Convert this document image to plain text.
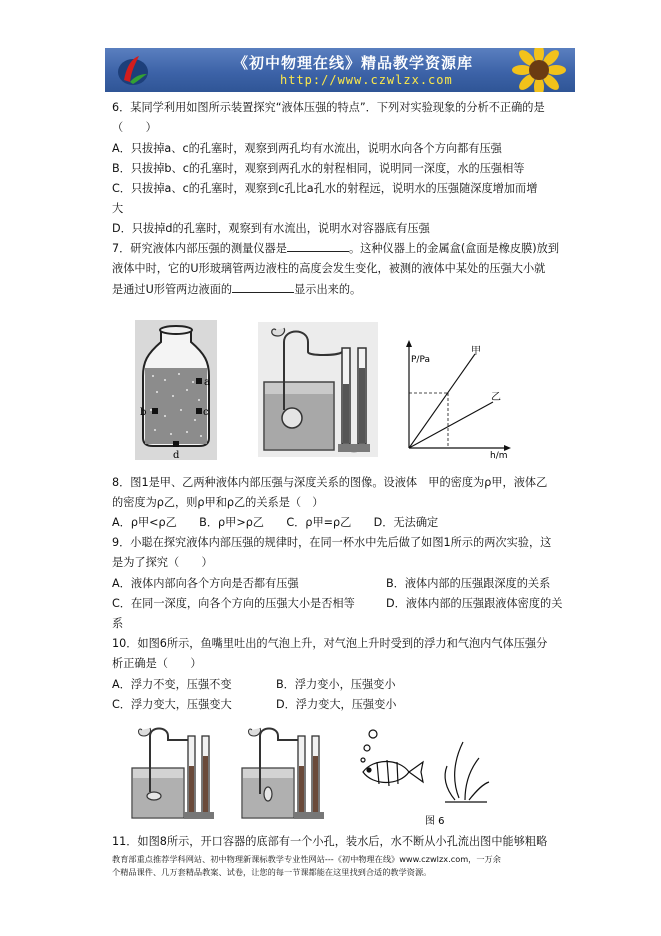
《初中物理在线》精品教学资源库
http://www.czwlzx.com
6．某同学利用如图所示装置探究“液体压强的特点”．下列对实验现象的分析不正确的是
（　　）
A．只拔掉a、c的孔塞时，观察到两孔均有水流出，说明水向各个方向都有压强
B．只拔掉b、c的孔塞时，观察到两孔水的射程相同，说明同一深度，水的压强相等
C．只拔掉a、c的孔塞时，观察到c孔比a孔水的射程远，说明水的压强随深度增加而增
大
D．只拔掉d的孔塞时，观察到有水流出，说明水对容器底有压强
7．研究液体内部压强的测量仪器是	。这种仪器上的金属盒(盒面是橡皮膜)放到
液体中时，它的U形玻璃管两边液柱的高度会发生变化，被测的液体中某处的压强大小就
是通过U形管两边液面的	显示出来的。
a
b	c
d
P/Pa
h/m
甲
乙
8．图1是甲、乙两种液体内部压强与深度关系的图像。设液体　甲的密度为ρ甲，液体乙
的密度为ρ乙，则ρ甲和ρ乙的关系是（　）
A．ρ甲<ρ乙　　B．ρ甲>ρ乙　　C．ρ甲=ρ乙　　D．无法确定
9．小聪在探究液体内部压强的规律时，在同一杯水中先后做了如图1所示的两次实验，这
是为了探究（　　）
A．液体内部向各个方向是否都有压强	B．液体内部的压强跟深度的关系
C．在同一深度，向各个方向的压强大小是否相等	D．液体内部的压强跟液体密度的关
系
10．如图6所示，鱼嘴里吐出的气泡上升，对气泡上升时受到的浮力和气泡内气体压强分
析正确是（　　）
A．浮力不变，压强不变	B．浮力变小，压强变小
C．浮力变大，压强变大	D．浮力变大，压强变小
图 6
11．如图8所示，开口容器的底部有一个小孔，装水后，水不断从小孔流出图中能够粗略
教育部重点推荐学科网站、初中物理新课标教学专业性网站---《初中物理在线》www.czwlzx.com，一万余
个精品课件、几万套精品教案、试卷，让您的每一节课都能在这里找到合适的教学资源。
